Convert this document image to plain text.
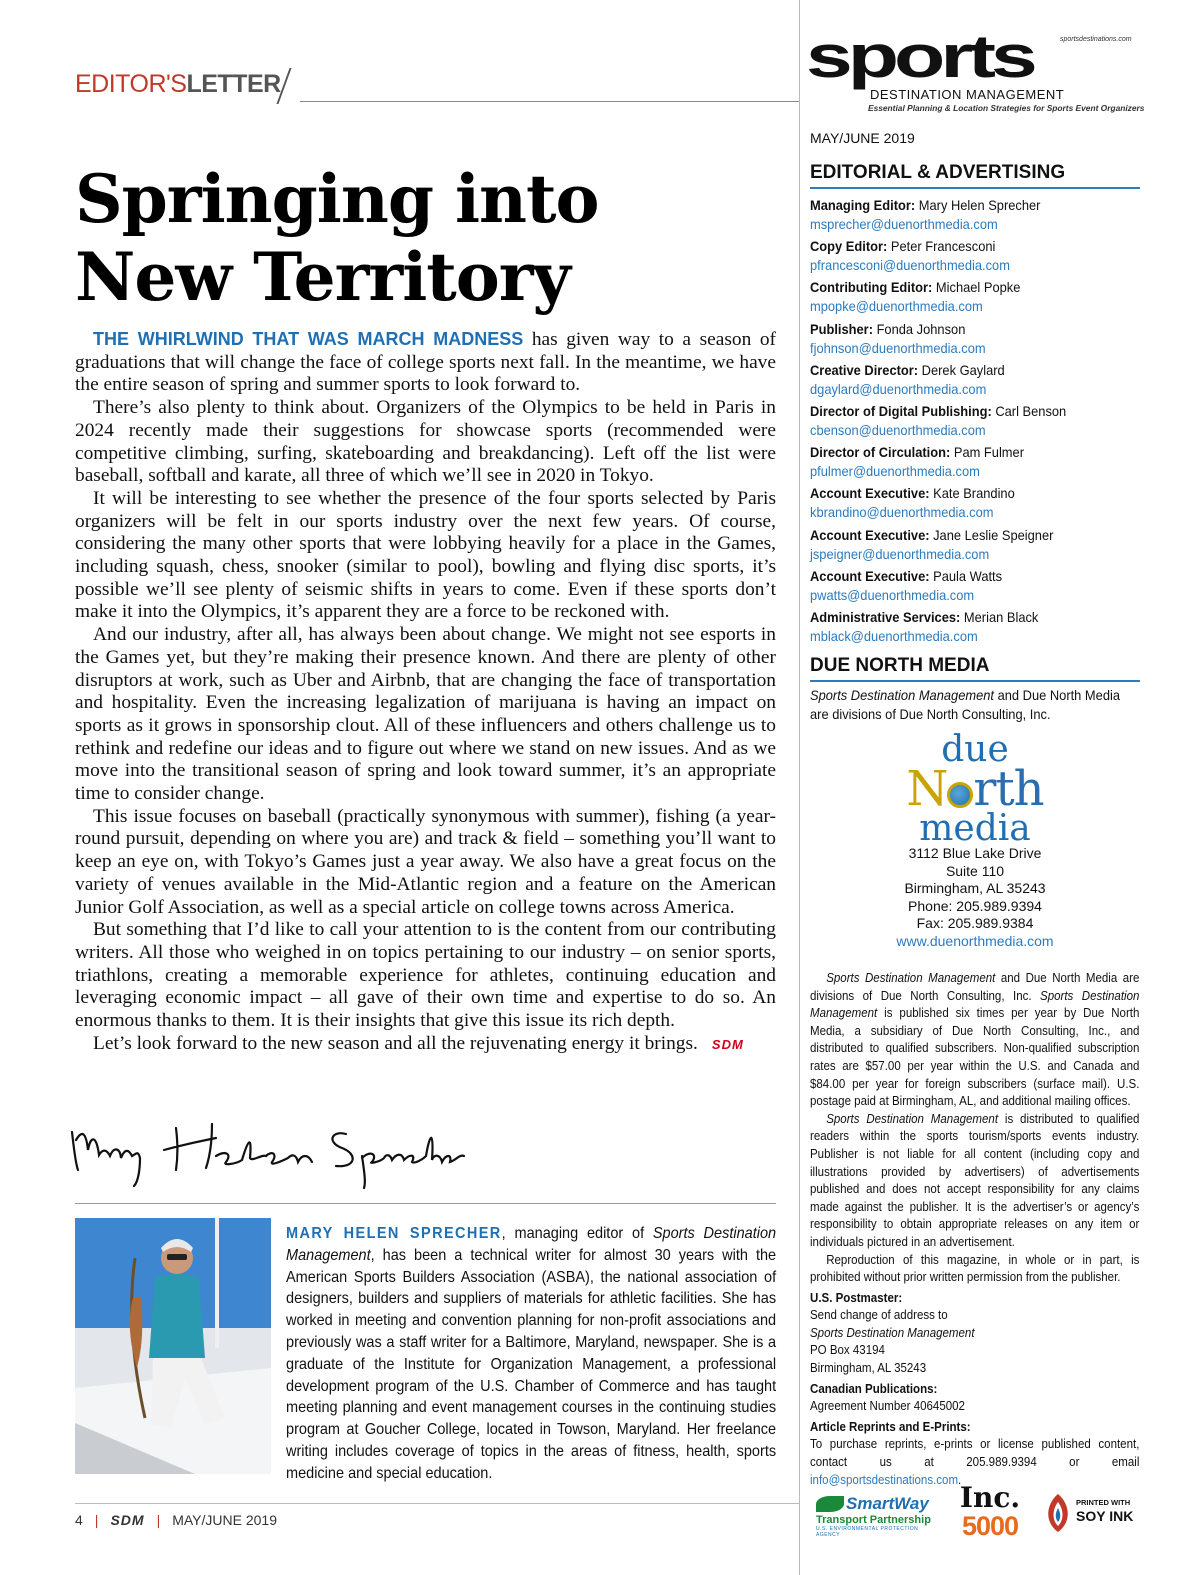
EDITOR'SLETTER
Springing into
New Territory

THE WHIRLWIND THAT WAS MARCH MADNESS has given way to a season of graduations that will change the face of college sports next fall. In the meantime, we have the entire season of spring and summer sports to look forward to.

There’s also plenty to think about. Organizers of the Olympics to be held in Paris in 2024 recently made their suggestions for showcase sports (recommended were competitive climbing, surfing, skateboarding and breakdancing). Left off the list were baseball, softball and karate, all three of which we’ll see in 2020 in Tokyo.

It will be interesting to see whether the presence of the four sports selected by Paris organizers will be felt in our sports industry over the next few years. Of course, considering the many other sports that were lobbying heavily for a place in the Games, including squash, chess, snooker (similar to pool), bowling and flying disc sports, it’s possible we’ll see plenty of seismic shifts in years to come. Even if these sports don’t make it into the Olympics, it’s apparent they are a force to be reckoned with.

And our industry, after all, has always been about change. We might not see esports in the Games yet, but they’re making their presence known. And there are plenty of other disruptors at work, such as Uber and Airbnb, that are changing the face of transportation and hospitality. Even the increasing legalization of marijuana is having an impact on sports as it grows in sponsorship clout. All of these influencers and others challenge us to rethink and redefine our ideas and to figure out where we stand on new issues. And as we move into the transitional season of spring and look toward summer, it’s an appropriate time to consider change.

This issue focuses on baseball (practically synonymous with summer), fishing (a year-round pursuit, depending on where you are) and track & field – something you’ll want to keep an eye on, with Tokyo’s Games just a year away. We also have a great focus on the variety of venues available in the Mid-Atlantic region and a feature on the American Junior Golf Association, as well as a special article on college towns across America.

But something that I’d like to call your attention to is the content from our contributing writers. All those who weighed in on topics pertaining to our industry – on senior sports, triathlons, creating a memorable experience for athletes, continuing education and leveraging economic impact – all gave of their own time and expertise to do so. An enormous thanks to them. It is their insights that give this issue its rich depth.

Let’s look forward to the new season and all the rejuvenating energy it brings. SDM

Mary Helen Sprecher
MARY HELEN SPRECHER, managing editor of Sports Destination Management, has been a technical writer for almost 30 years with the American Sports Builders Association (ASBA), the national association of designers, builders and suppliers of materials for athletic facilities. She has worked in meeting and convention planning for non-profit associations and previously was a staff writer for a Baltimore, Maryland, newspaper. She is a graduate of the Institute for Organization Management, a professional development program of the U.S. Chamber of Commerce and has taught meeting planning and event management courses in the continuing studies program at Goucher College, located in Towson, Maryland. Her freelance writing includes coverage of topics in the areas of fitness, health, sports medicine and special education.
4 | SDM | MAY/JUNE 2019
sportsdestinations.com
sports
DESTINATION MANAGEMENT
Essential Planning & Location Strategies for Sports Event Organizers
MAY/JUNE 2019
EDITORIAL & ADVERTISING
Managing Editor: Mary Helen Sprecher
msprecher@duenorthmedia.com
Copy Editor: Peter Francesconi
pfrancesconi@duenorthmedia.com
Contributing Editor: Michael Popke
mpopke@duenorthmedia.com
Publisher: Fonda Johnson
fjohnson@duenorthmedia.com
Creative Director: Derek Gaylard
dgaylard@duenorthmedia.com
Director of Digital Publishing: Carl Benson
cbenson@duenorthmedia.com
Director of Circulation: Pam Fulmer
pfulmer@duenorthmedia.com
Account Executive: Kate Brandino
kbrandino@duenorthmedia.com
Account Executive: Jane Leslie Speigner
jspeigner@duenorthmedia.com
Account Executive: Paula Watts
pwatts@duenorthmedia.com
Administrative Services: Merian Black
mblack@duenorthmedia.com
DUE NORTH MEDIA
Sports Destination Management and Due North Media are divisions of Due North Consulting, Inc.
due
N rth
media
3112 Blue Lake Drive
Suite 110
Birmingham, AL 35243
Phone: 205.989.9394
Fax: 205.989.9384
www.duenorthmedia.com

Sports Destination Management and Due North Media are divisions of Due North Consulting, Inc. Sports Destination Management is published six times per year by Due North Media, a subsidiary of Due North Consulting, Inc., and distributed to qualified subscribers. Non-qualified subscription rates are $57.00 per year within the U.S. and Canada and $84.00 per year for foreign subscribers (surface mail). U.S. postage paid at Birmingham, AL, and additional mailing offices.

Sports Destination Management is distributed to qualified readers within the sports tourism/sports events industry. Publisher is not liable for all content (including copy and illustrations provided by advertisers) of advertisements published and does not accept responsibility for any claims made against the publisher. It is the advertiser’s or agency’s responsibility to obtain appropriate releases on any item or individuals pictured in an advertisement.

Reproduction of this magazine, in whole or in part, is prohibited without prior written permission from the publisher.

U.S. Postmaster:
Send change of address to
Sports Destination Management
PO Box 43194
Birmingham, AL 35243
Canadian Publications:
Agreement Number 40645002
Article Reprints and E-Prints:
To purchase reprints, e-prints or license published content, contact us at 205.989.9394 or email info@sportsdestinations.com.
SmartWay
Transport Partnership
U.S. ENVIRONMENTAL PROTECTION AGENCY
Inc.
5000
PRINTED WITH
SOY INK
